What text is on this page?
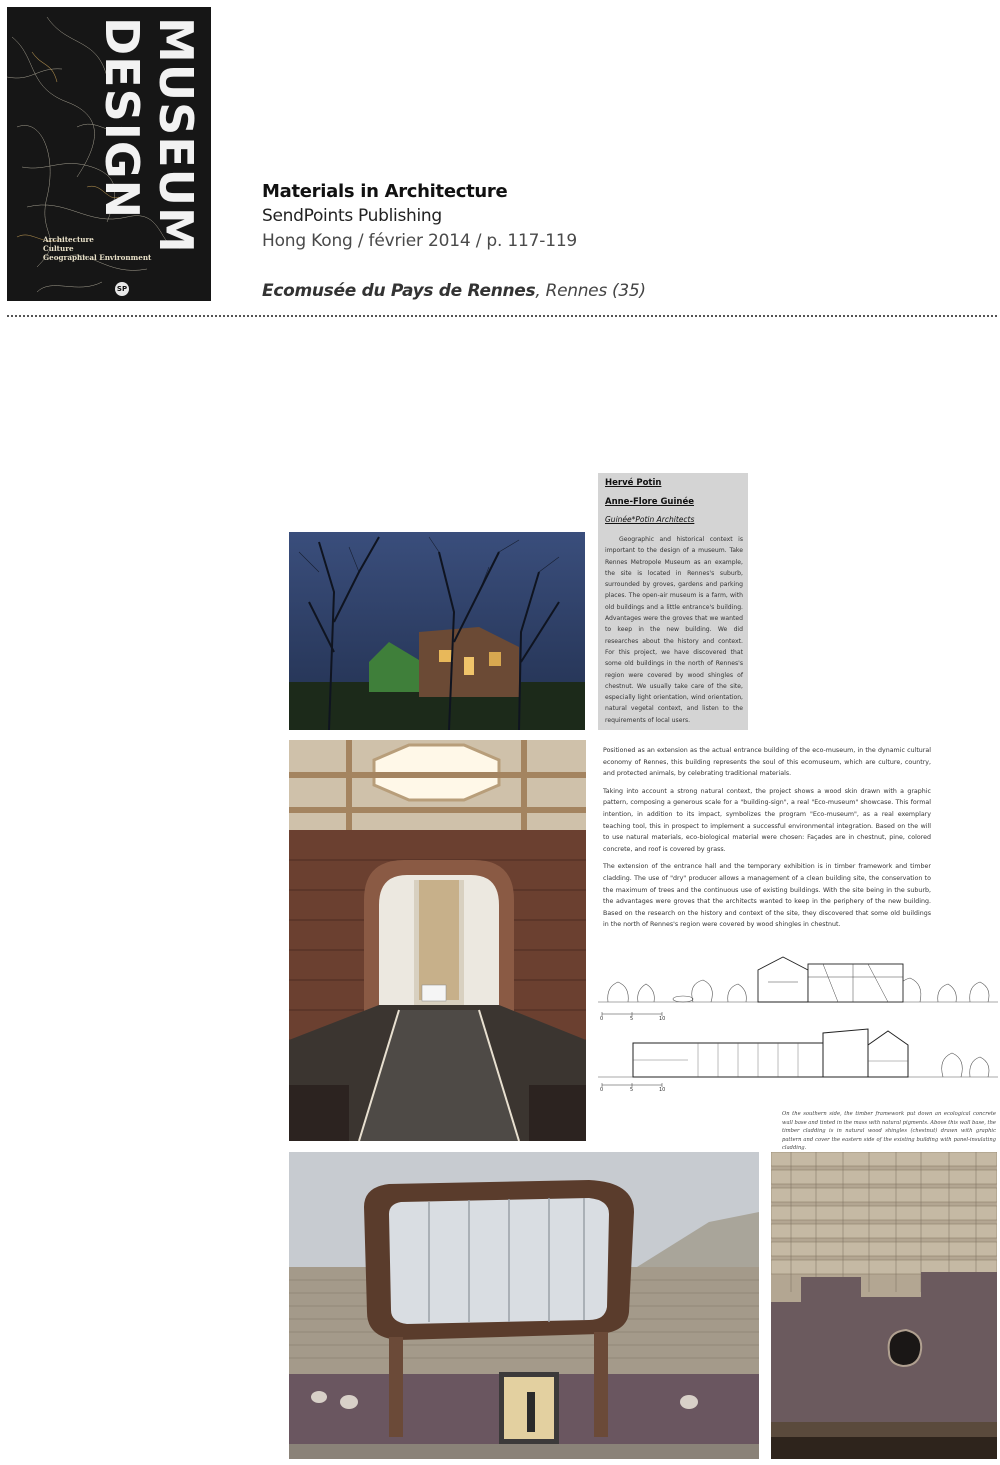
MUSEUM
DESIGN
Architecture
Culture
Geographical Environment
SP
Materials in Architecture
SendPoints Publishing
Hong Kong / février 2014 / p. 117-119
Ecomusée du Pays de Rennes, Rennes (35)
Hervé Potin
Anne-Flore Guinée
Guinée*Potin Architects
Geographic and historical context is important to the design of a museum. Take Rennes Metropole Museum as an example, the site is located in Rennes's suburb, surrounded by groves, gardens and parking places. The open-air museum is a farm, with old buildings and a little entrance's building. Advantages were the groves that we wanted to keep in the new building. We did researches about the history and context. For this project, we have discovered that some old buildings in the north of Rennes's region were covered by wood shingles of chestnut. We usually take care of the site, especially light orientation, wind orientation, natural vegetal context, and listen to the requirements of local users.

Positioned as an extension as the actual entrance building of the eco-museum, in the dynamic cultural economy of Rennes, this building represents the soul of this ecomuseum, which are culture, country, and protected animals, by celebrating traditional materials.

Taking into account a strong natural context, the project shows a wood skin drawn with a graphic pattern, composing a generous scale for a "building-sign", a real "Eco-museum" showcase. This formal intention, in addition to its impact, symbolizes the program "Eco-museum", as a real exemplary teaching tool, this in prospect to implement a successful environmental integration. Based on the will to use natural materials, eco-biological material were chosen: Façades are in chestnut, pine, colored concrete, and roof is covered by grass.

The extension of the entrance hall and the temporary exhibition is in timber framework and timber cladding. The use of "dry" producer allows a management of a clean building site, the conservation to the maximum of trees and the continuous use of existing buildings. With the site being in the suburb, the advantages were groves that the architects wanted to keep in the periphery of the new building. Based on the research on the history and context of the site, they discovered that some old buildings in the north of Rennes's region were covered by wood shingles in chestnut.

0	5	10
0	5	10
On the southern side, the timber framework put down an ecological concrete wall base and tinted in the mass with natural pigments. Above this wall base, the timber cladding is in natural wood shingles (chestnut) drawn with graphic pattern and cover the eastern side of the existing building with panel-insulating cladding.
